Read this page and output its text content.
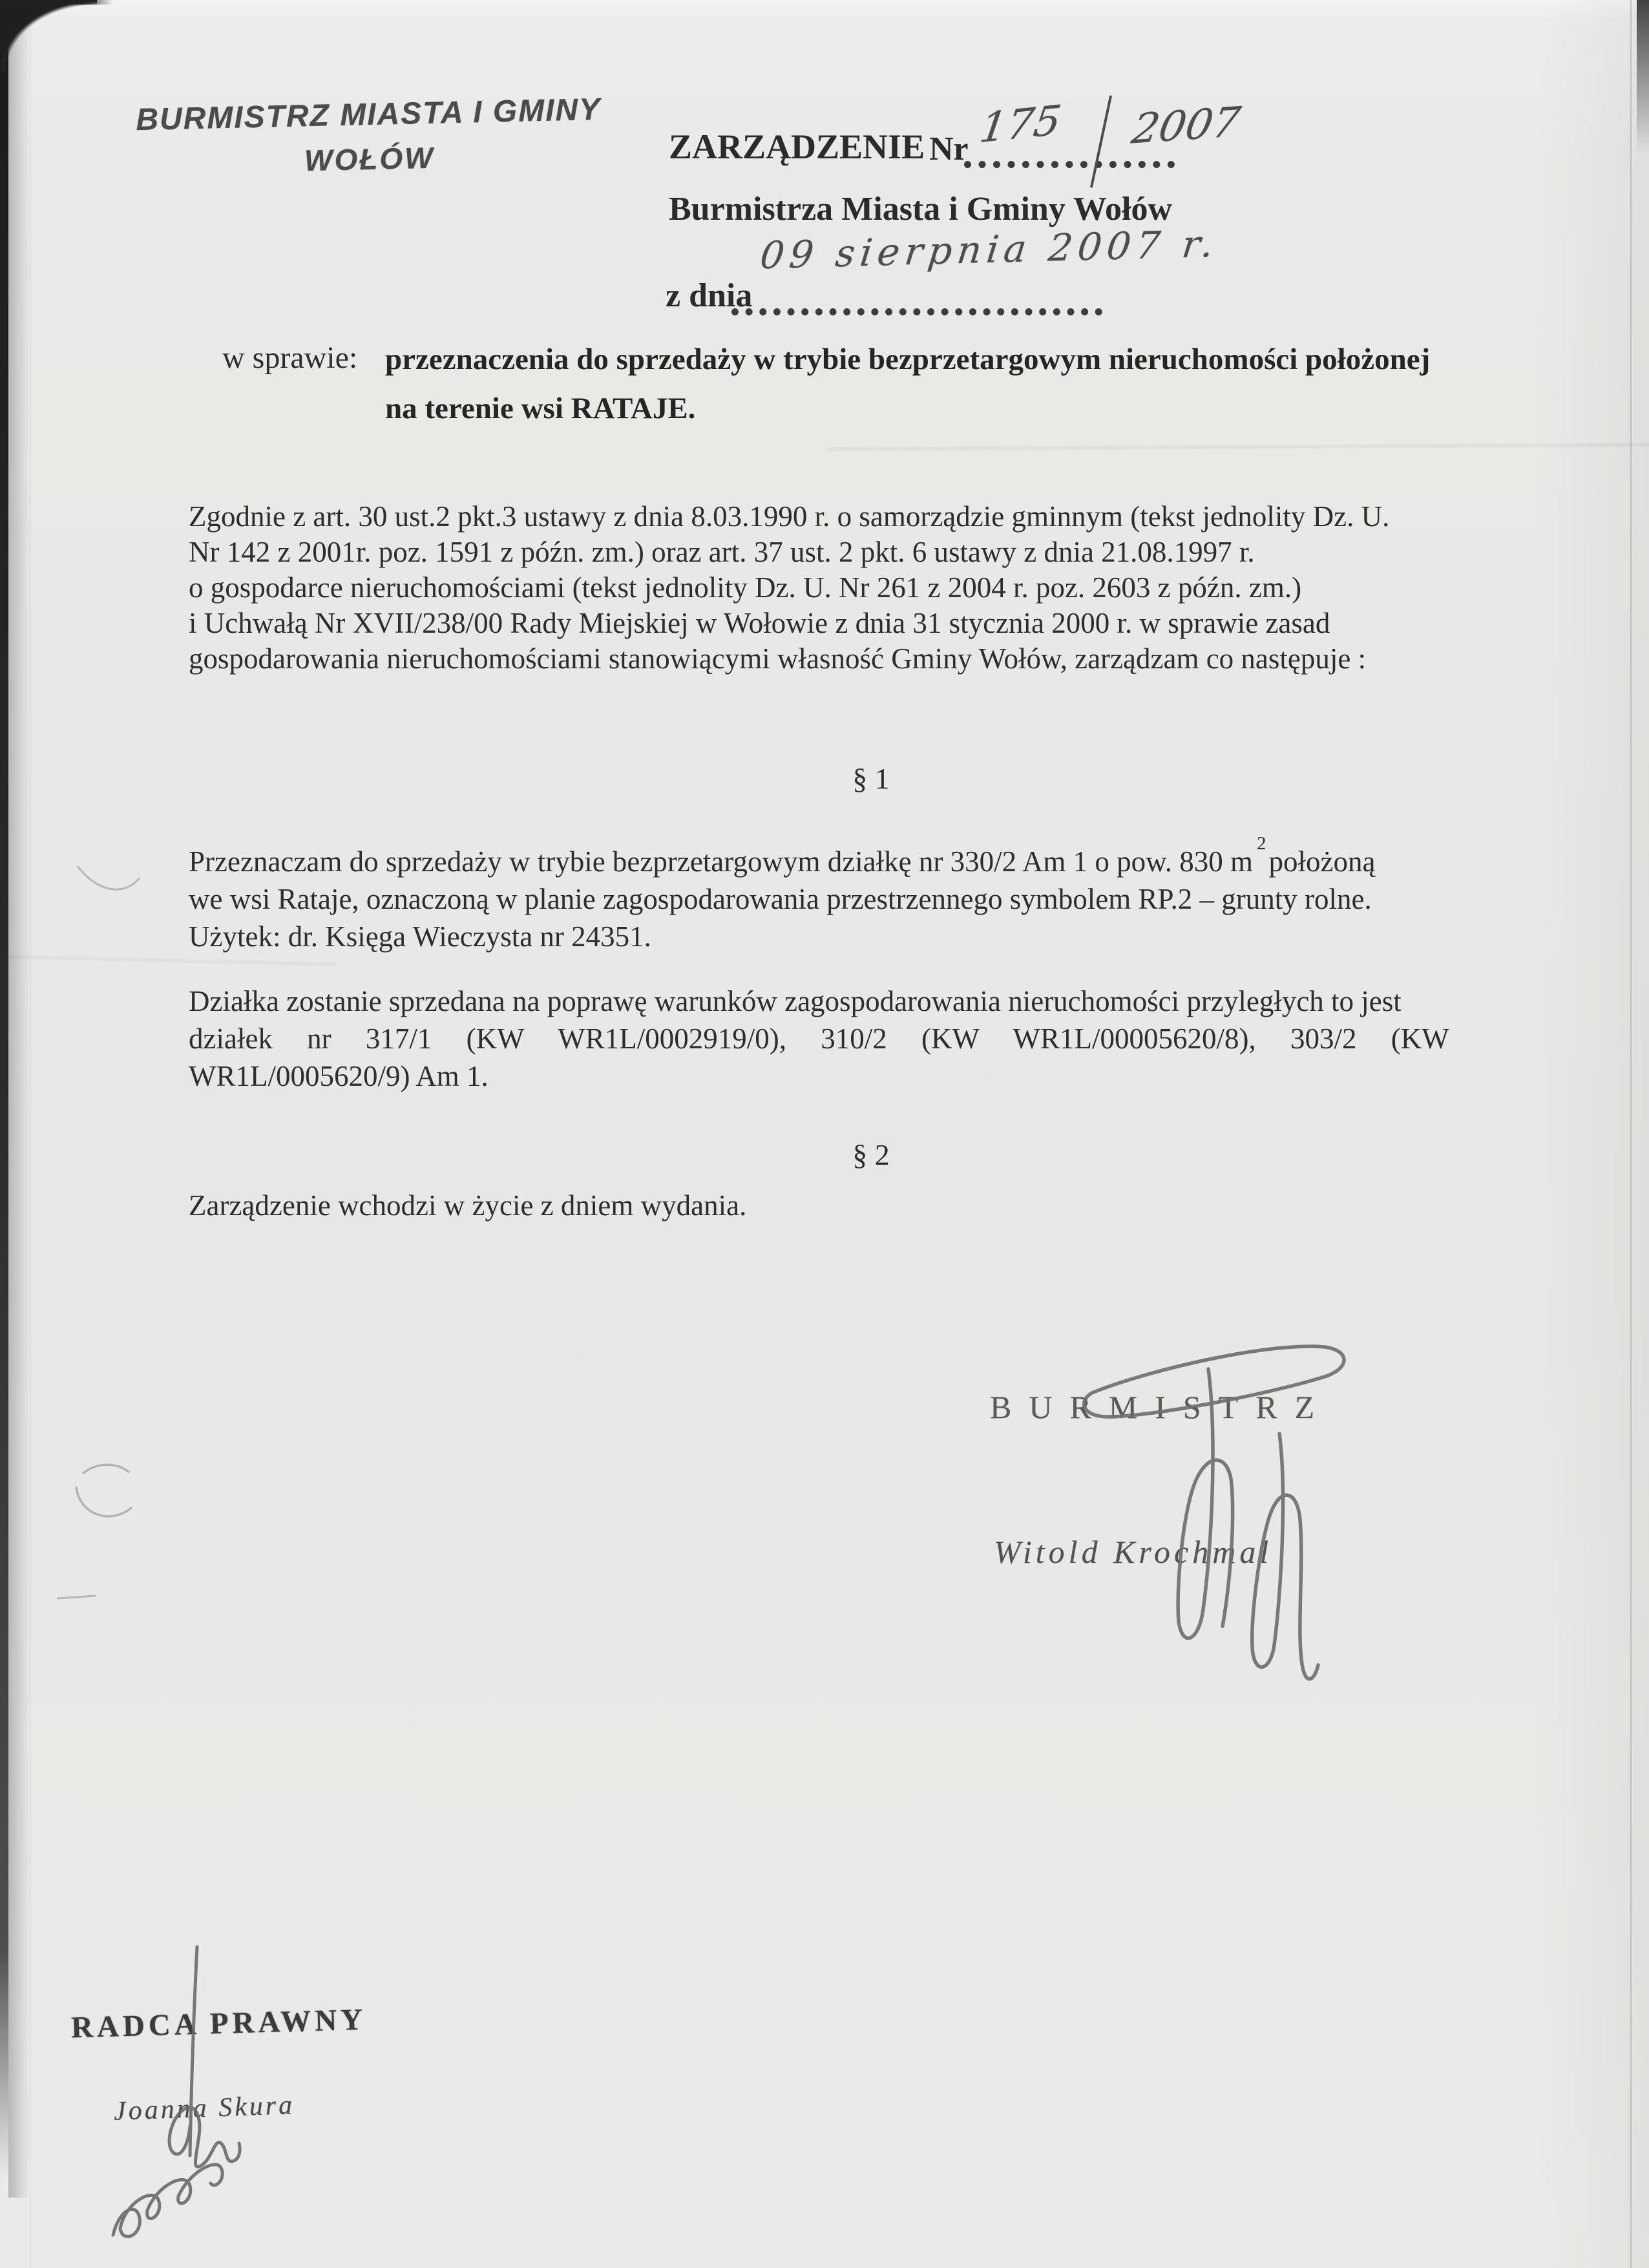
BURMISTRZ MIASTA I GMINY
WOŁÓW	ZARZĄDZENIE Nr 175 2007
Burmistrza Miasta i Gminy Wołów
z dnia
09 sierpnia 2007 r.
w sprawie: przeznaczenia do sprzedaży w trybie bezprzetargowym nieruchomości położonej
na terenie wsi RATAJE.
Zgodnie z art. 30 ust.2 pkt.3 ustawy z dnia 8.03.1990 r. o samorządzie gminnym (tekst jednolity Dz. U.
Nr 142 z 2001r. poz. 1591 z późn. zm.) oraz art. 37 ust. 2 pkt. 6 ustawy z dnia 21.08.1997 r.
o gospodarce nieruchomościami (tekst jednolity Dz. U. Nr 261 z 2004 r. poz. 2603 z późn. zm.)
i Uchwałą Nr XVII/238/00 Rady Miejskiej w Wołowie z dnia 31 stycznia 2000 r. w sprawie zasad
gospodarowania nieruchomościami stanowiącymi własność Gminy Wołów, zarządzam co następuje :
§ 1
Przeznaczam do sprzedaży w trybie bezprzetargowym działkę nr 330/2 Am 1 o pow. 830 $m^2położoną$
we wsi Rataje, oznaczoną w planie zagospodarowania przestrzennego symbolem RP.2 – grunty rolne.
Użytek: dr. Księga Wieczysta nr 24351.
Działka zostanie sprzedana na poprawę warunków zagospodarowania nieruchomości przyległych to jest
działek nr 317/1 (KW WR1L/0002919/0), 310/2 (KW WR1L/00005620/8), 303/2 (KW
WR1L/0005620/9) Am 1.
§ 2
Zarządzenie wchodzi w życie z dniem wydania.
BURMISTRZ
Witold Krochmal
RADCA PRAWNY
Joanna Skura
